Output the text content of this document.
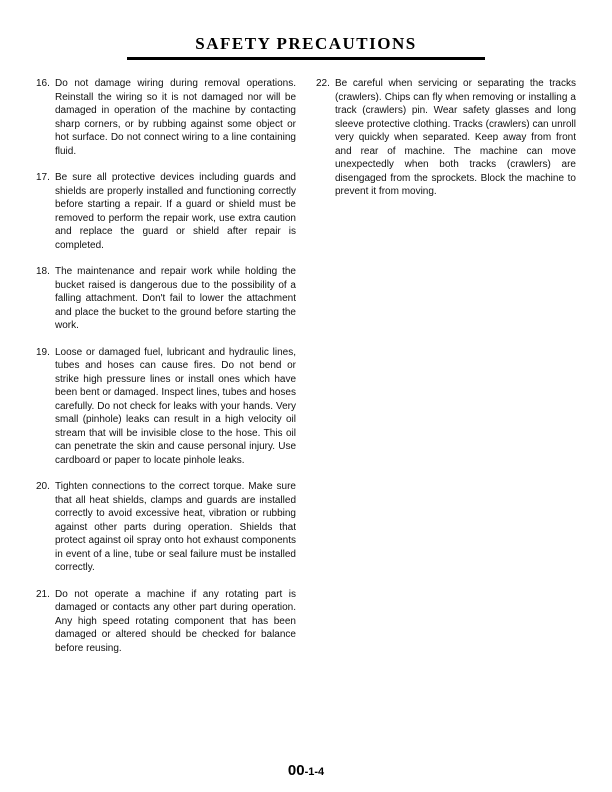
SAFETY PRECAUTIONS
16. Do not damage wiring during removal operations. Reinstall the wiring so it is not damaged nor will be damaged in operation of the machine by contacting sharp corners, or by rubbing against some object or hot surface. Do not connect wiring to a line containing fluid.

17. Be sure all protective devices including guards and shields are properly installed and functioning correctly before starting a repair. If a guard or shield must be removed to perform the repair work, use extra caution and replace the guard or shield after repair is completed.

18. The maintenance and repair work while holding the bucket raised is dangerous due to the possibility of a falling attachment. Don't fail to lower the attachment and place the bucket to the ground before starting the work.

19. Loose or damaged fuel, lubricant and hydraulic lines, tubes and hoses can cause fires. Do not bend or strike high pressure lines or install ones which have been bent or damaged. Inspect lines, tubes and hoses carefully. Do not check for leaks with your hands. Very small (pinhole) leaks can result in a high velocity oil stream that will be invisible close to the hose. This oil can penetrate the skin and cause personal injury. Use cardboard or paper to locate pinhole leaks.

20. Tighten connections to the correct torque. Make sure that all heat shields, clamps and guards are installed correctly to avoid excessive heat, vibration or rubbing against other parts during operation. Shields that protect against oil spray onto hot exhaust components in event of a line, tube or seal failure must be installed correctly.

21. Do not operate a machine if any rotating part is damaged or contacts any other part during operation. Any high speed rotating component that has been damaged or altered should be checked for balance before reusing.

22. Be careful when servicing or separating the tracks (crawlers). Chips can fly when removing or installing a track (crawlers) pin. Wear safety glasses and long sleeve protective clothing. Tracks (crawlers) can unroll very quickly when separated. Keep away from front and rear of machine. The machine can move unexpectedly when both tracks (crawlers) are disengaged from the sprockets. Block the machine to prevent it from moving.

00-1-4
